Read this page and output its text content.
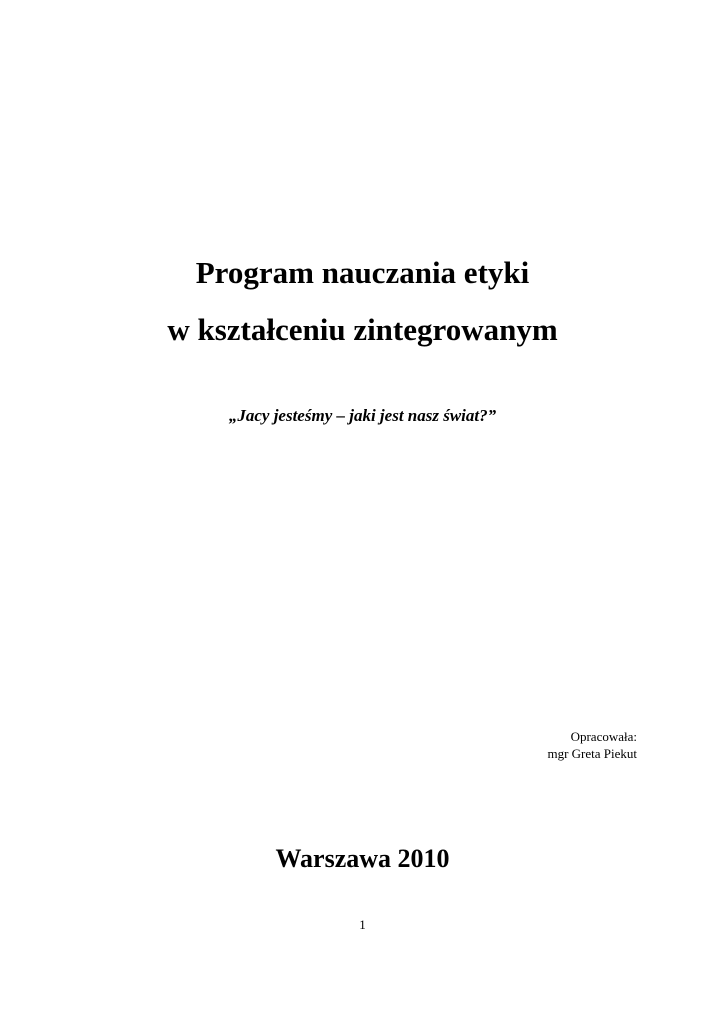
Program nauczania etyki
w kształceniu zintegrowanym
„Jacy jesteśmy – jaki jest nasz świat?”
Opracowała:
mgr Greta Piekut
Warszawa 2010
1
